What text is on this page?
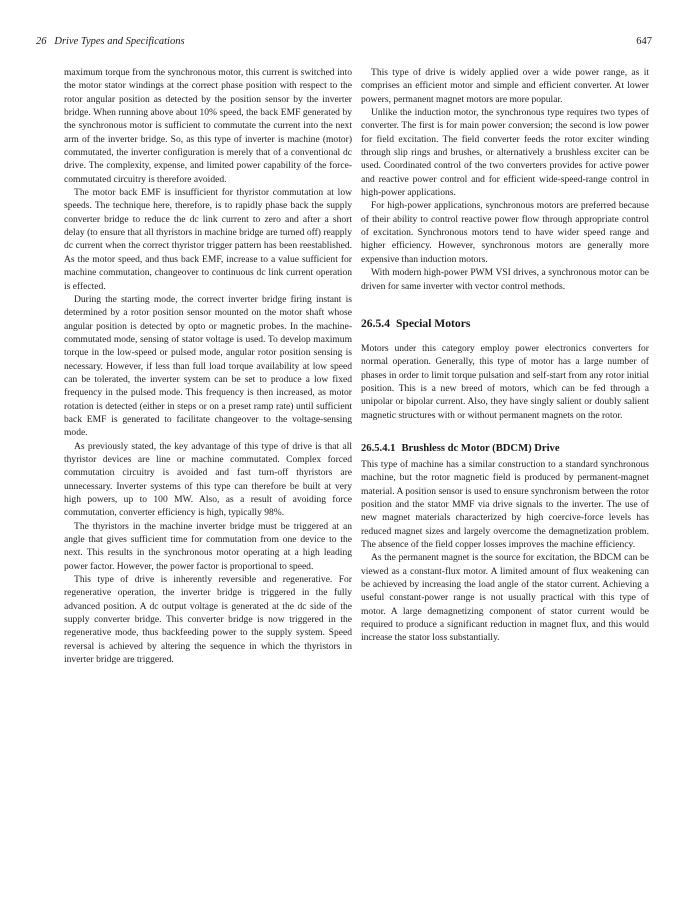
26 Drive Types and Specifications	647

maximum torque from the synchronous motor, this current is switched into the motor stator windings at the correct phase position with respect to the rotor angular position as detected by the position sensor by the inverter bridge. When running above about 10% speed, the back EMF generated by the synchronous motor is sufficient to commutate the current into the next arm of the inverter bridge. So, as this type of inverter is machine (motor) commutated, the inverter configuration is merely that of a conventional dc drive. The complexity, expense, and limited power capability of the force-commutated circuitry is therefore avoided.

The motor back EMF is insufficient for thyristor commutation at low speeds. The technique here, therefore, is to rapidly phase back the supply converter bridge to reduce the dc link current to zero and after a short delay (to ensure that all thyristors in machine bridge are turned off) reapply dc current when the correct thyristor trigger pattern has been reestablished. As the motor speed, and thus back EMF, increase to a value sufficient for machine commutation, changeover to continuous dc link current operation is effected.

During the starting mode, the correct inverter bridge firing instant is determined by a rotor position sensor mounted on the motor shaft whose angular position is detected by opto or magnetic probes. In the machine-commutated mode, sensing of stator voltage is used. To develop maximum torque in the low-speed or pulsed mode, angular rotor position sensing is necessary. However, if less than full load torque availability at low speed can be tolerated, the inverter system can be set to produce a low fixed frequency in the pulsed mode. This frequency is then increased, as motor rotation is detected (either in steps or on a preset ramp rate) until sufficient back EMF is generated to facilitate changeover to the voltage-sensing mode.

As previously stated, the key advantage of this type of drive is that all thyristor devices are line or machine commutated. Complex forced commutation circuitry is avoided and fast turn-off thyristors are unnecessary. Inverter systems of this type can therefore be built at very high powers, up to 100 MW. Also, as a result of avoiding force commutation, converter efficiency is high, typically 98%.

The thyristors in the machine inverter bridge must be triggered at an angle that gives sufficient time for commutation from one device to the next. This results in the synchronous motor operating at a high leading power factor. However, the power factor is proportional to speed.

This type of drive is inherently reversible and regenerative. For regenerative operation, the inverter bridge is triggered in the fully advanced position. A dc output voltage is generated at the dc side of the supply converter bridge. This converter bridge is now triggered in the regenerative mode, thus backfeeding power to the supply system. Speed reversal is achieved by altering the sequence in which the thyristors in inverter bridge are triggered.

This type of drive is widely applied over a wide power range, as it comprises an efficient motor and simple and efficient converter. At lower powers, permanent magnet motors are more popular.

Unlike the induction motor, the synchronous type requires two types of converter. The first is for main power conversion; the second is low power for field excitation. The field converter feeds the rotor exciter winding through slip rings and brushes, or alternatively a brushless exciter can be used. Coordinated control of the two converters provides for active power and reactive power control and for efficient wide-speed-range control in high-power applications.

For high-power applications, synchronous motors are preferred because of their ability to control reactive power flow through appropriate control of excitation. Synchronous motors tend to have wider speed range and higher efficiency. However, synchronous motors are generally more expensive than induction motors.

With modern high-power PWM VSI drives, a synchronous motor can be driven for same inverter with vector control methods.

26.5.4 Special Motors

Motors under this category employ power electronics converters for normal operation. Generally, this type of motor has a large number of phases in order to limit torque pulsation and self-start from any rotor initial position. This is a new breed of motors, which can be fed through a unipolar or bipolar current. Also, they have singly salient or doubly salient magnetic structures with or without permanent magnets on the rotor.

26.5.4.1 Brushless dc Motor (BDCM) Drive

This type of machine has a similar construction to a standard synchronous machine, but the rotor magnetic field is produced by permanent-magnet material. A position sensor is used to ensure synchronism between the rotor position and the stator MMF via drive signals to the inverter. The use of new magnet materials characterized by high coercive-force levels has reduced magnet sizes and largely overcome the demagnetization problem. The absence of the field copper losses improves the machine efficiency.

As the permanent magnet is the source for excitation, the BDCM can be viewed as a constant-flux motor. A limited amount of flux weakening can be achieved by increasing the load angle of the stator current. Achieving a useful constant-power range is not usually practical with this type of motor. A large demagnetizing component of stator current would be required to produce a significant reduction in magnet flux, and this would increase the stator loss substantially.
